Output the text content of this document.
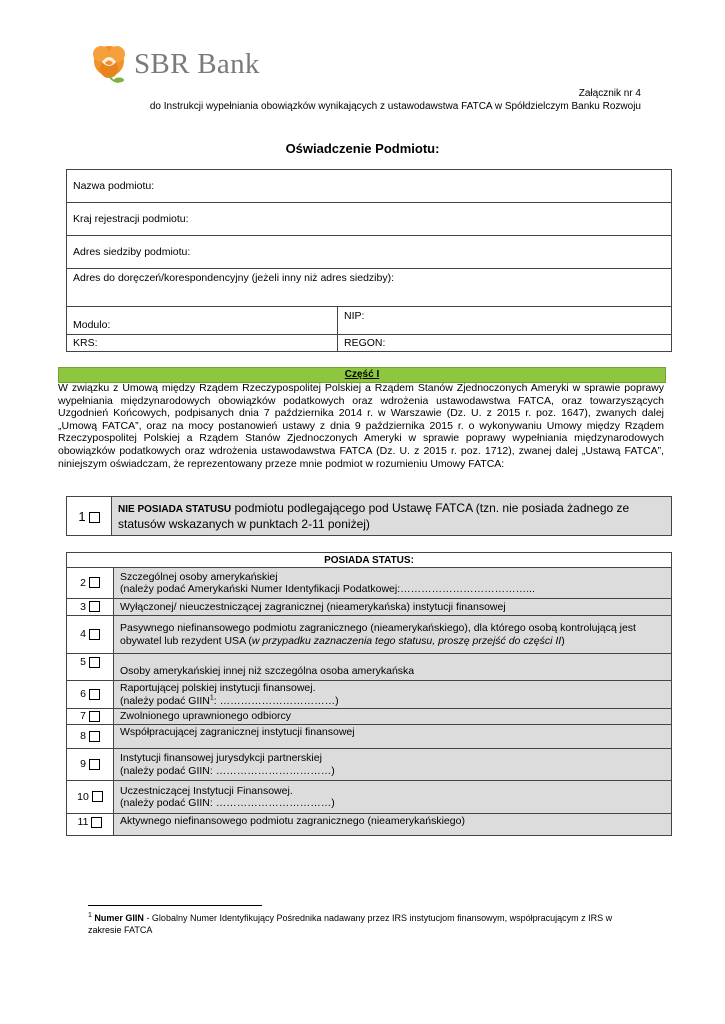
SBR Bank
Załącznik nr 4
do Instrukcji wypełniania obowiązków wynikających z ustawodawstwa FATCA w Spółdzielczym Banku Rozwoju
Oświadczenie Podmiotu:
Nazwa podmiotu:	
Kraj rejestracji podmiotu:	
Adres siedziby podmiotu:	
Adres do doręczeń/korespondencyjny (jeżeli inny niż adres siedziby):	
Modulo:	NIP:
KRS:	REGON:
Część I
W związku z Umową między Rządem Rzeczypospolitej Polskiej a Rządem Stanów Zjednoczonych Ameryki w sprawie poprawy wypełniania międzynarodowych obowiązków podatkowych oraz wdrożenia ustawodawstwa FATCA, oraz towarzyszących Uzgodnień Końcowych, podpisanych dnia 7 października 2014 r. w Warszawie (Dz. U. z 2015 r. poz. 1647), zwanych dalej „Umową FATCA”, oraz na mocy postanowień ustawy z dnia 9 października 2015 r. o wykonywaniu Umowy między Rządem Rzeczypospolitej Polskiej a Rządem Stanów Zjednoczonych Ameryki w sprawie poprawy wypełniania międzynarodowych obowiązków podatkowych oraz wdrożenia ustawodawstwa FATCA (Dz. U. z 2015 r. poz. 1712), zwanej dalej „Ustawą FATCA”, niniejszym oświadczam, że reprezentowany przeze mnie podmiot w rozumieniu Umowy FATCA:
1	NIE POSIADA STATUSU podmiotu podlegającego pod Ustawę FATCA (tzn. nie posiada żadnego ze statusów wskazanych w punktach 2-11 poniżej)
POSIADA STATUS:	
2	Szczególnej osoby amerykańskiej
(należy podać Amerykański Numer Identyfikacji Podatkowej:………………………………...

3	Wyłączonej/ nieuczestniczącej zagranicznej (nieamerykańska) instytucji finansowej
4	Pasywnego niefinansowego podmiotu zagranicznego (nieamerykańskiego), dla którego osobą kontrolującą jest obywatel lub rezydent USA (w przypadku zaznaczenia tego statusu, proszę przejść do części II)
5	Osoby amerykańskiej innej niż szczególna osoba amerykańska
6	Raportującej polskiej instytucji finansowej.
(należy podać GIIN$^1$: ……………………………)

7	Zwolnionego uprawnionego odbiorcy
8	Współpracującej zagranicznej instytucji finansowej
9	Instytucji finansowej jurysdykcji partnerskiej
(należy podać GIIN: ……………………………)

10	Uczestniczącej Instytucji Finansowej.
(należy podać GIIN: ……………………………)

11	Aktywnego niefinansowego podmiotu zagranicznego (nieamerykańskiego)
$^1$ Numer GIIN - Globalny Numer Identyfikujący Pośrednika nadawany przez IRS instytucjom finansowym, współpracującym z IRS w zakresie FATCA
